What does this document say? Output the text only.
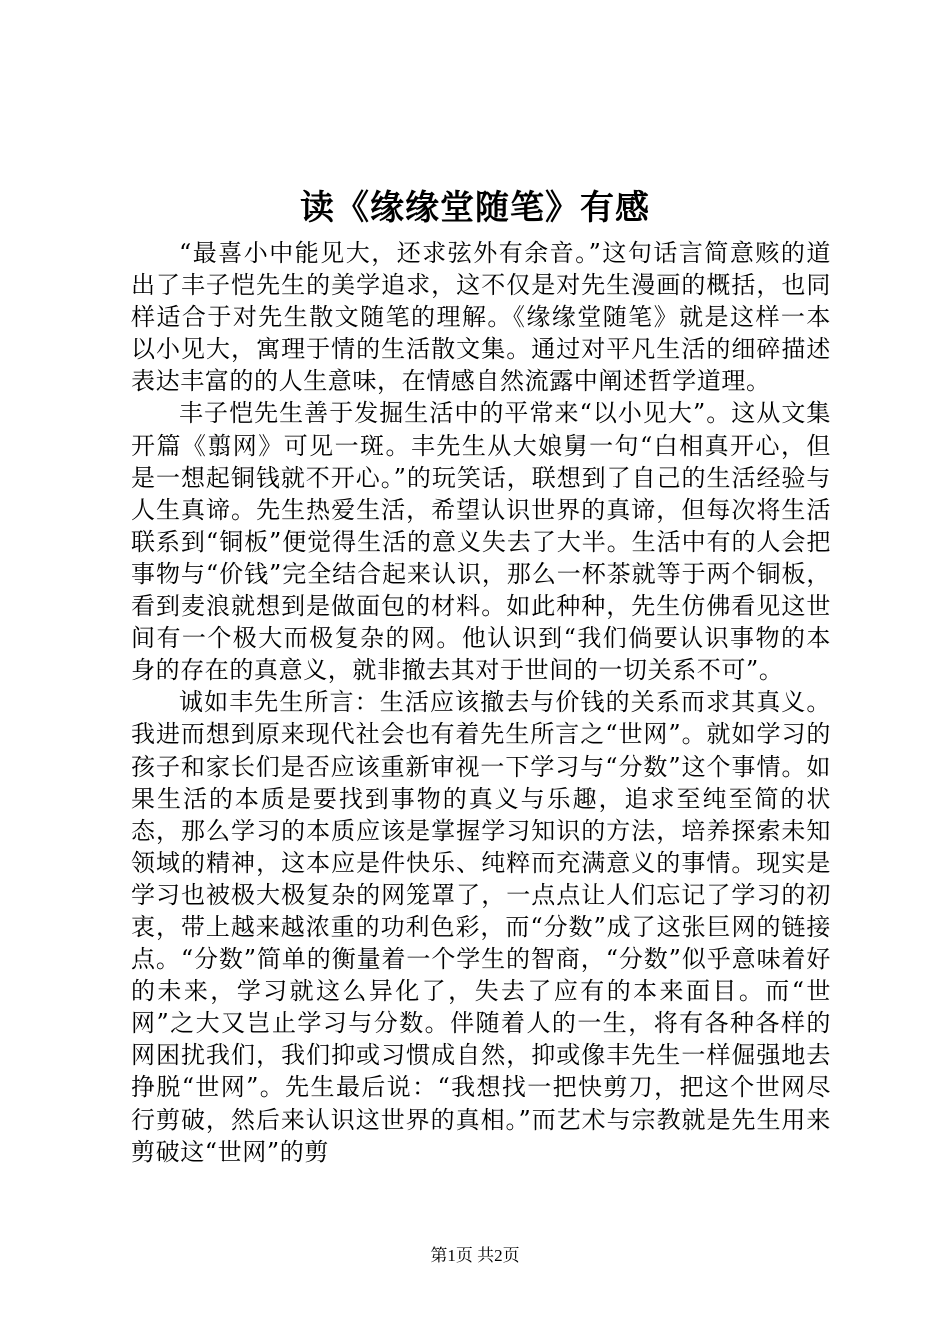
读《缘缘堂随笔》有感

“最喜小中能见大，还求弦外有余音。”这句话言简意赅的道出了丰子恺先生的美学追求，这不仅是对先生漫画的概括，也同样适合于对先生散文随笔的理解。《缘缘堂随笔》就是这样一本以小见大，寓理于情的生活散文集。通过对平凡生活的细碎描述表达丰富的的人生意味，在情感自然流露中阐述哲学道理。

丰子恺先生善于发掘生活中的平常来“以小见大”。这从文集开篇《翦网》可见一斑。丰先生从大娘舅一句“白相真开心，但是一想起铜钱就不开心。”的玩笑话，联想到了自己的生活经验与人生真谛。先生热爱生活，希望认识世界的真谛，但每次将生活联系到“铜板”便觉得生活的意义失去了大半。生活中有的人会把事物与“价钱”完全结合起来认识，那么一杯茶就等于两个铜板，看到麦浪就想到是做面包的材料。如此种种，先生仿佛看见这世间有一个极大而极复杂的网。他认识到“我们倘要认识事物的本身的存在的真意义，就非撤去其对于世间的一切关系不可”。

诚如丰先生所言：生活应该撤去与价钱的关系而求其真义。我进而想到原来现代社会也有着先生所言之“世网”。就如学习的孩子和家长们是否应该重新审视一下学习与“分数”这个事情。如果生活的本质是要找到事物的真义与乐趣，追求至纯至简的状态，那么学习的本质应该是掌握学习知识的方法，培养探索未知领域的精神，这本应是件快乐、纯粹而充满意义的事情。现实是学习也被极大极复杂的网笼罩了，一点点让人们忘记了学习的初衷，带上越来越浓重的功利色彩，而“分数”成了这张巨网的链接点。“分数”简单的衡量着一个学生的智商，“分数”似乎意味着好的未来，学习就这么异化了，失去了应有的本来面目。而“世网”之大又岂止学习与分数。伴随着人的一生，将有各种各样的网困扰我们，我们抑或习惯成自然，抑或像丰先生一样倔强地去挣脱“世网”。先生最后说：“我想找一把快剪刀，把这个世网尽行剪破，然后来认识这世界的真相。”而艺术与宗教就是先生用来剪破这“世网”的剪

第1页 共2页
